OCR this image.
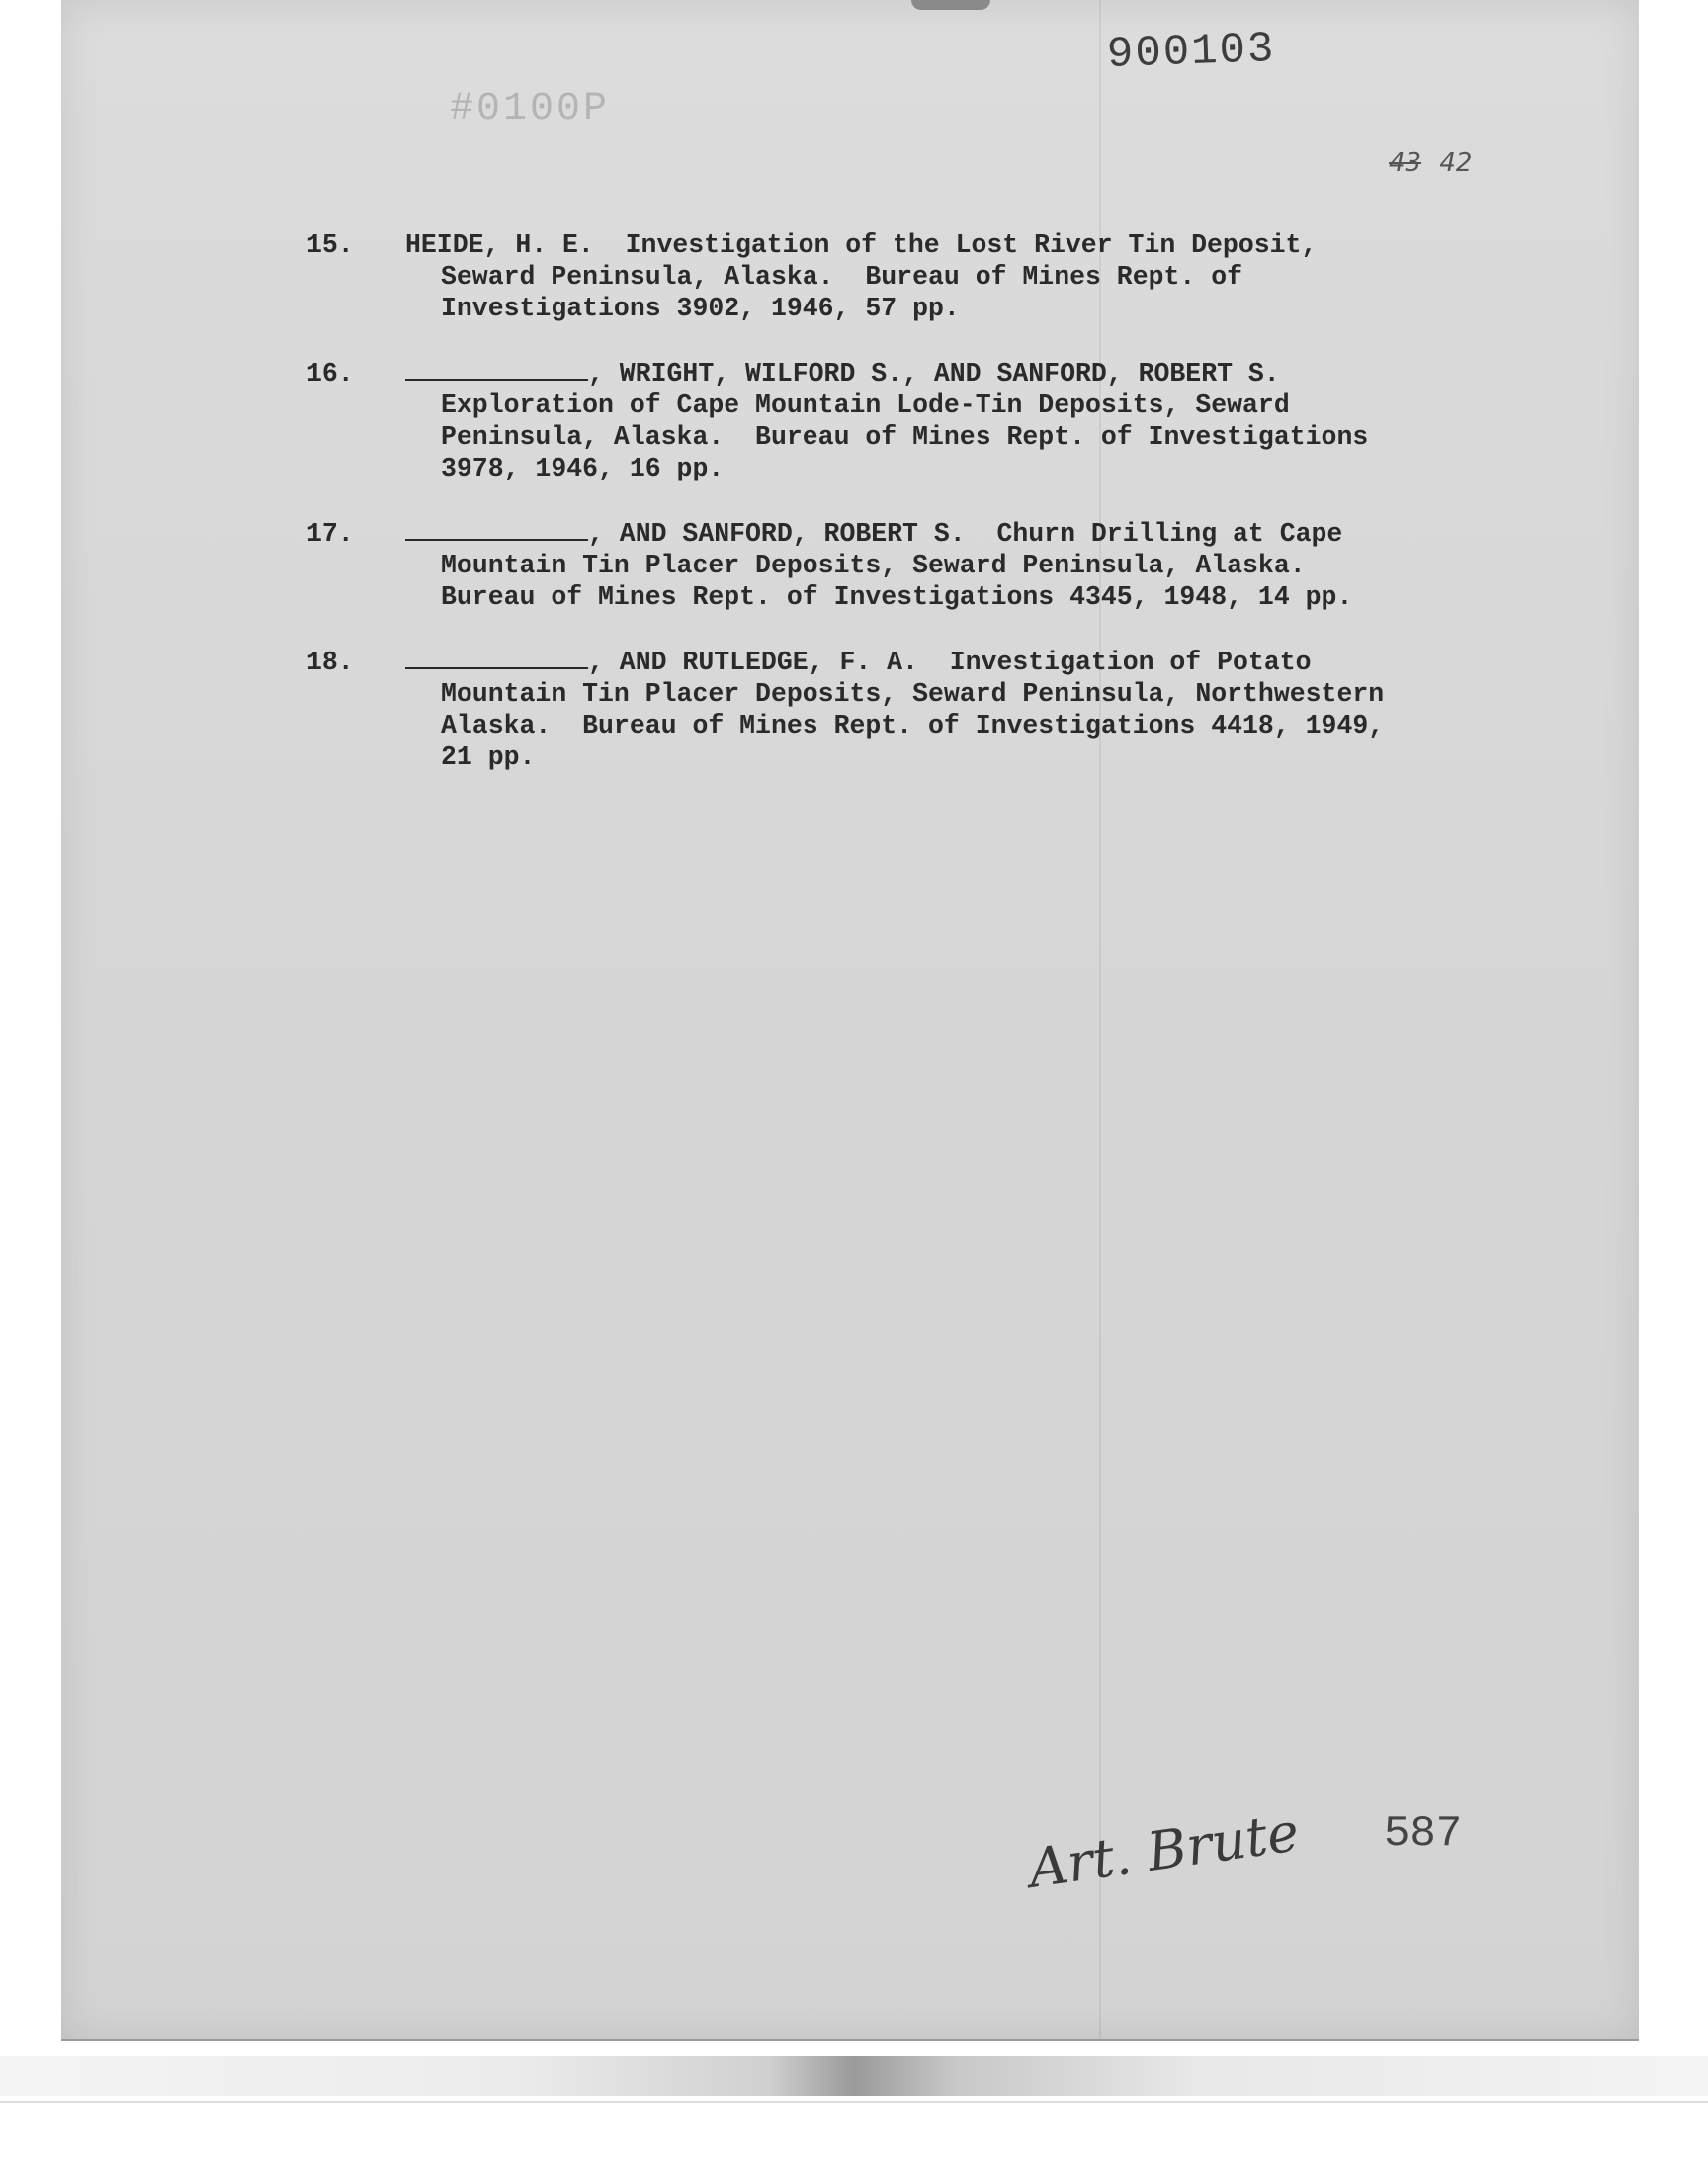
900103
#0100P
43 42
15.	HEIDE, H. E.  Investigation of the Lost River Tin Deposit,
Seward Peninsula, Alaska.  Bureau of Mines Rept. of
Investigations 3902, 1946, 57 pp.
16.	, WRIGHT, WILFORD S., AND SANFORD, ROBERT S.
Exploration of Cape Mountain Lode-Tin Deposits, Seward
Peninsula, Alaska.  Bureau of Mines Rept. of Investigations
3978, 1946, 16 pp.
17.	, AND SANFORD, ROBERT S.  Churn Drilling at Cape
Mountain Tin Placer Deposits, Seward Peninsula, Alaska.
Bureau of Mines Rept. of Investigations 4345, 1948, 14 pp.
18.	, AND RUTLEDGE, F. A.  Investigation of Potato
Mountain Tin Placer Deposits, Seward Peninsula, Northwestern
Alaska.  Bureau of Mines Rept. of Investigations 4418, 1949,
21 pp.
Art. Brute 587
